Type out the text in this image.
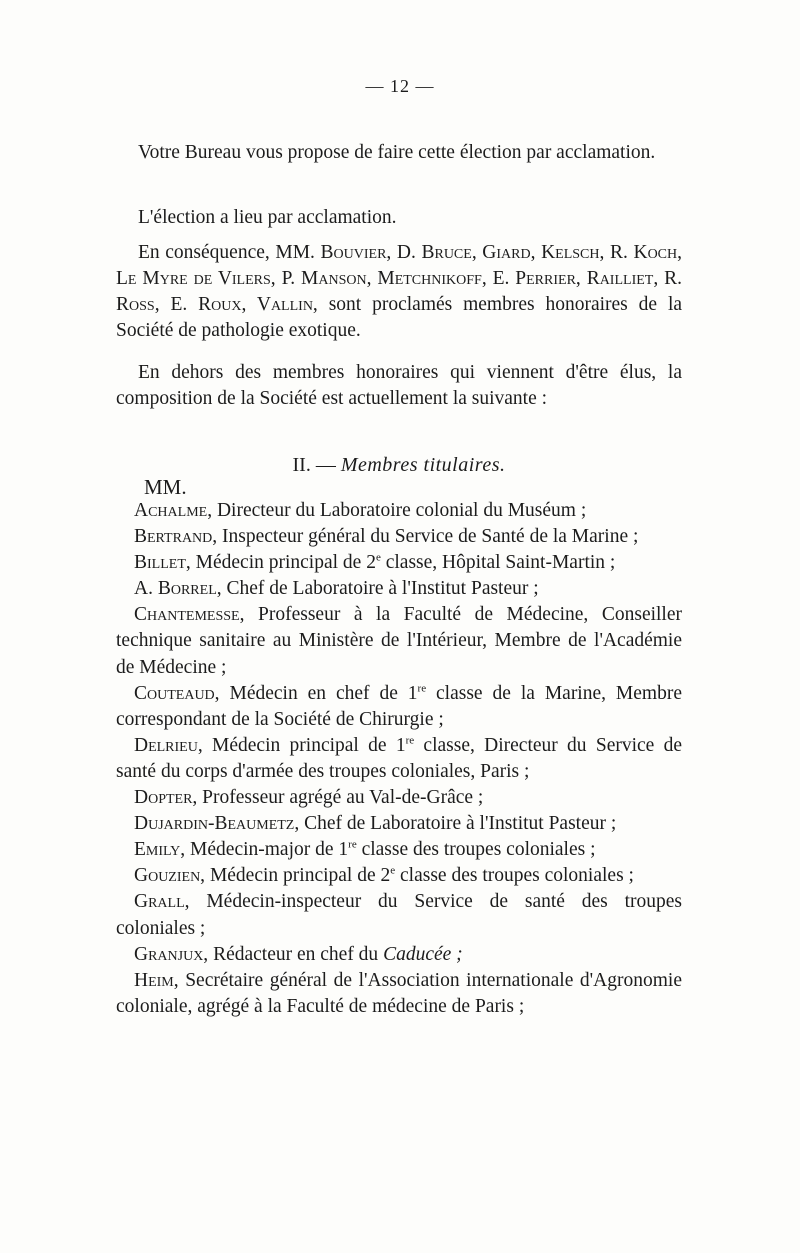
— 12 —

Votre Bureau vous propose de faire cette élection par acclamation.

L'élection a lieu par acclamation.

En conséquence, MM. Bouvier, D. Bruce, Giard, Kelsch, R. Koch, Le Myre de Vilers, P. Manson, Metchnikoff, E. Perrier, Railliet, R. Ross, E. Roux, Vallin, sont proclamés membres honoraires de la Société de pathologie exotique.

En dehors des membres honoraires qui viennent d'être élus, la composition de la Société est actuellement la suivante :

II. — Membres titulaires.
MM.

Achalme, Directeur du Laboratoire colonial du Muséum ;

Bertrand, Inspecteur général du Service de Santé de la Marine ;

Billet, Médecin principal de 2e classe, Hôpital Saint-Martin ;

A. Borrel, Chef de Laboratoire à l'Institut Pasteur ;

Chantemesse, Professeur à la Faculté de Médecine, Conseiller technique sanitaire au Ministère de l'Intérieur, Membre de l'Académie de Médecine ;

Couteaud, Médecin en chef de 1re classe de la Marine, Membre correspondant de la Société de Chirurgie ;

Delrieu, Médecin principal de 1re classe, Directeur du Service de santé du corps d'armée des troupes coloniales, Paris ;

Dopter, Professeur agrégé au Val-de-Grâce ;

Dujardin-Beaumetz, Chef de Laboratoire à l'Institut Pasteur ;

Emily, Médecin-major de 1re classe des troupes coloniales ;

Gouzien, Médecin principal de 2e classe des troupes coloniales ;

Grall, Médecin-inspecteur du Service de santé des troupes coloniales ;

Granjux, Rédacteur en chef du Caducée ;

Heim, Secrétaire général de l'Association internationale d'Agronomie coloniale, agrégé à la Faculté de médecine de Paris ;
